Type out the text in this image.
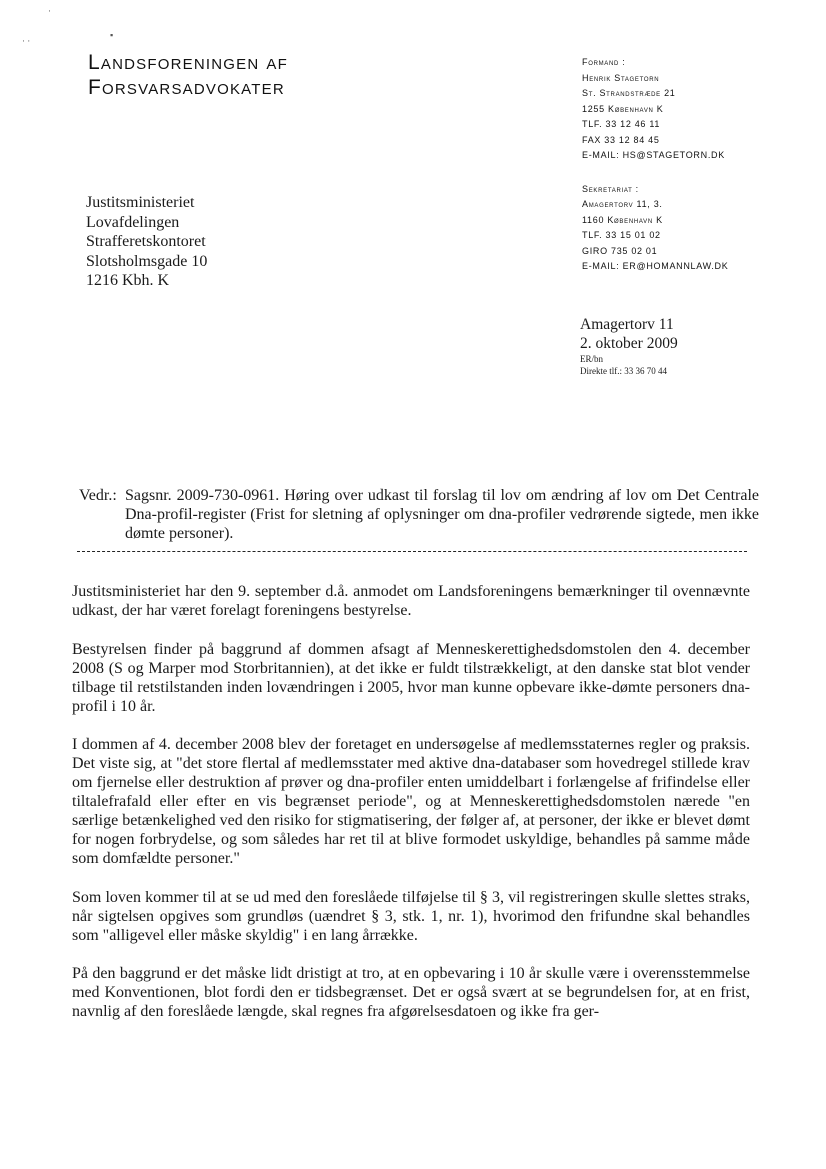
·
· ·
▪
Landsforeningen af
Forsvarsadvokater
Formand :
Henrik Stagetorn
St. Strandstræde 21
1255 København K
TLF. 33 12 46 11
FAX 33 12 84 45
E-MAIL: HS@STAGETORN.DK
Sekretariat :
Amagertorv 11, 3.
1160 København K
TLF. 33 15 01 02
GIRO 735 02 01
E-MAIL: ER@HOMANNLAW.DK
Justitsministeriet
Lovafdelingen
Strafferetskontoret
Slotsholmsgade 10
1216 Kbh. K
Amagertorv 11
2. oktober 2009
ER/bn
Direkte tlf.: 33 36 70 44
Vedr.: Sagsnr. 2009-730-0961. Høring over udkast til forslag til lov om ændring af lov om Det Centrale Dna-profil-register (Frist for sletning af oplysninger om dna-profiler vedrørende sigtede, men ikke dømte personer).

Justitsministeriet har den 9. september d.å. anmodet om Landsforeningens bemærkninger til ovennævnte udkast, der har været forelagt foreningens bestyrelse.

Bestyrelsen finder på baggrund af dommen afsagt af Menneskerettighedsdomstolen den 4. december 2008 (S og Marper mod Storbritannien), at det ikke er fuldt tilstrækkeligt, at den danske stat blot vender tilbage til retstilstanden inden lovændringen i 2005, hvor man kunne opbevare ikke-dømte personers dna-profil i 10 år.

I dommen af 4. december 2008 blev der foretaget en undersøgelse af medlemsstaternes regler og praksis. Det viste sig, at "det store flertal af medlemsstater med aktive dna-databaser som hovedregel stillede krav om fjernelse eller destruktion af prøver og dna-profiler enten umiddelbart i forlængelse af frifindelse eller tiltalefrafald eller efter en vis begrænset periode", og at Menneskerettighedsdomstolen nærede "en særlige betænkelighed ved den risiko for stigmatisering, der følger af, at personer, der ikke er blevet dømt for nogen forbrydelse, og som således har ret til at blive formodet uskyldige, behandles på samme måde som domfældte personer."

Som loven kommer til at se ud med den foreslåede tilføjelse til § 3, vil registreringen skulle slettes straks, når sigtelsen opgives som grundløs (uændret § 3, stk. 1, nr. 1), hvorimod den frifundne skal behandles som "alligevel eller måske skyldig" i en lang årrække.

På den baggrund er det måske lidt dristigt at tro, at en opbevaring i 10 år skulle være i overensstemmelse med Konventionen, blot fordi den er tidsbegrænset. Det er også svært at se begrundelsen for, at en frist, navnlig af den foreslåede længde, skal regnes fra afgørelsesdatoen og ikke fra ger-
